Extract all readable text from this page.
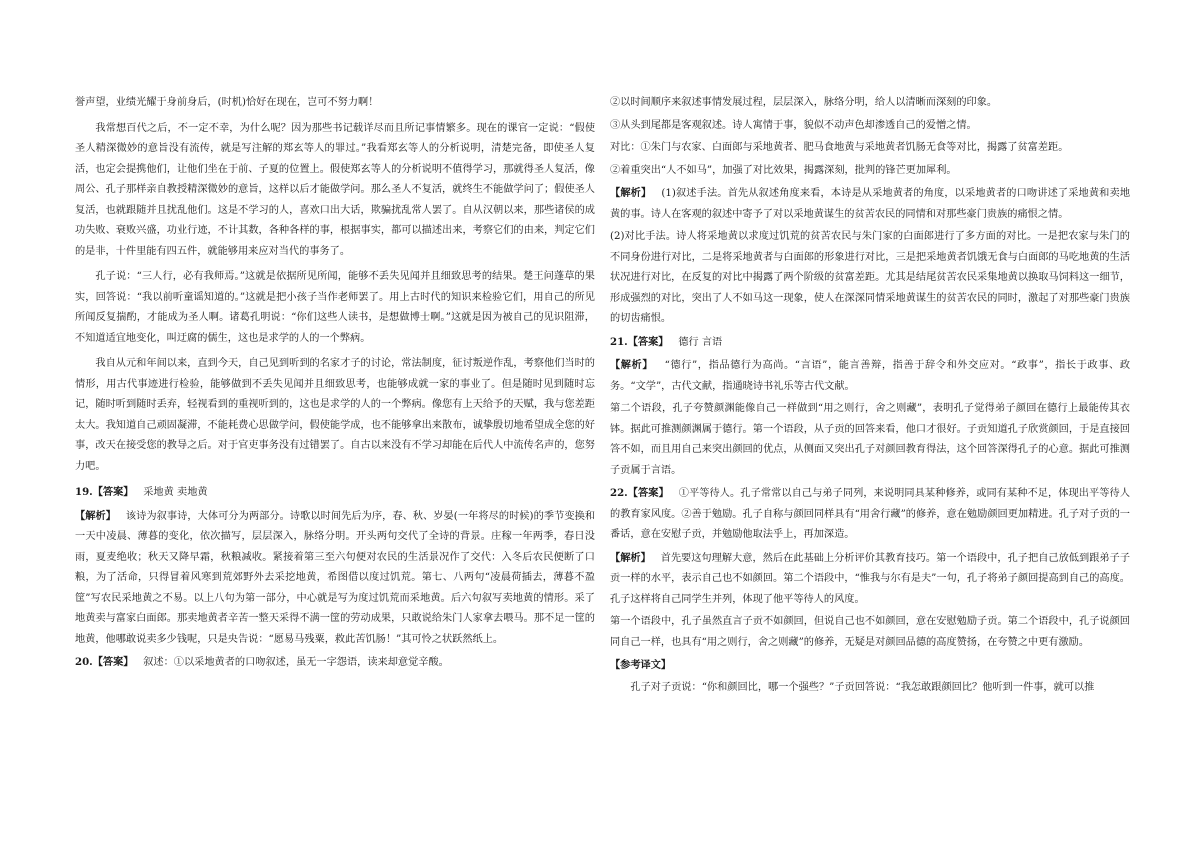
誉声望，业绩光耀于身前身后，(时机)恰好在现在，岂可不努力啊！

我常想百代之后，不一定不幸，为什么呢？因为那些书记载详尽而且所记事情繁多。现在的课官一定说：“假使圣人精深微妙的意旨没有流传，就是写注解的郑玄等人的罪过。”我看郑玄等人的分析说明，清楚完备，即使圣人复活，也定会提携他们，让他们坐在于前、子夏的位置上。假使郑玄等人的分析说明不值得学习，那就得圣人复活，像周公、孔子那样亲自教授精深微妙的意旨，这样以后才能做学问。那么圣人不复活，就终生不能做学问了；假使圣人复活，也就跟随并且扰乱他们。这是不学习的人，喜欢口出大话，欺骗扰乱常人罢了。自从汉朝以来，那些诸侯的成功失败、衰败兴盛，功业行迹，不计其数，各种各样的事，根据事实，都可以描述出来，考察它们的由来，判定它们的是非，十件里能有四五件，就能够用来应对当代的事务了。

孔子说：“三人行，必有我师焉。”这就是依据所见所闻，能够不丢失见闻并且细致思考的结果。楚王问蓬草的果实，回答说：“我以前听童谣知道的。”这就是把小孩子当作老师罢了。用上古时代的知识来检验它们，用自己的所见所闻反复揣酌，才能成为圣人啊。诸葛孔明说：“你们这些人读书，是想做博士啊。”这就是因为被自己的见识阻滞，不知道适宜地变化，叫迂腐的儒生，这也是求学的人的一个弊病。

我自从元和年间以来，直到今天，自己见到听到的名家才子的讨论，常法制度，征讨叛逆作乱，考察他们当时的情形，用古代事迹进行检验，能够做到不丢失见闻并且细致思考，也能够成就一家的事业了。但是随时见到随时忘记，随时听到随时丢弃，轻视看到的重视听到的，这也是求学的人的一个弊病。像您有上天给予的天赋，我与您差距太大。我知道自己顽固凝滞，不能耗费心思做学问，假使能学成，也不能够拿出来散布，诚挚殷切地希望成全您的好事，改天在接受您的教导之后。对于官吏事务没有过错罢了。自古以来没有不学习却能在后代人中流传名声的，您努力吧。

19.【答案】 采地黄 卖地黄

【解析】 该诗为叙事诗，大体可分为两部分。诗歌以时间先后为序，春、秋、岁晏(一年将尽的时候)的季节变换和一天中凌晨、薄暮的变化，依次描写，层层深入，脉络分明。开头两句交代了全诗的背景。庄稼一年两季，春日没雨，夏麦绝收；秋天又降早霜，秋粮减收。紧接着第三至六句便对农民的生活景况作了交代：入冬后农民便断了口粮，为了活命，只得冒着风寒到荒郊野外去采挖地黄，希图借以度过饥荒。第七、八两句“凌晨荷插去，薄暮不盈筐”写农民采地黄之不易。以上八句为第一部分，中心就是写为度过饥荒而采地黄。后六句叙写卖地黄的情形。采了地黄卖与富家白面郎。那卖地黄者辛苦一整天采得不满一筐的劳动成果，只敢说给朱门人家拿去喂马。那不足一筐的地黄，他哪敢说卖多少钱呢，只是央告说：“愿易马残粟，救此苦饥肠！”其可怜之状跃然纸上。

20.【答案】 叙述：①以采地黄者的口吻叙述，虽无一字怨语，读来却意觉辛酸。

②以时间顺序来叙述事情发展过程，层层深入，脉络分明，给人以清晰而深刻的印象。

③从头到尾都是客观叙述。诗人寓情于事，貌似不动声色却渗透自己的爱憎之情。

对比：①朱门与农家、白面郎与采地黄者、肥马食地黄与采地黄者饥肠无食等对比，揭露了贫富差距。

②着重突出“人不如马”，加强了对比效果，揭露深刻，批判的锋芒更加犀利。

【解析】 (1)叙述手法。首先从叙述角度来看，本诗是从采地黄者的角度，以采地黄者的口吻讲述了采地黄和卖地黄的事。诗人在客观的叙述中寄予了对以采地黄谋生的贫苦农民的同情和对那些豪门贵族的痛恨之情。

(2)对比手法。诗人将采地黄以求度过饥荒的贫苦农民与朱门家的白面郎进行了多方面的对比。一是把农家与朱门的不同身份进行对比，二是将采地黄者与白面郎的形象进行对比，三是把采地黄者饥饿无食与白面郎的马吃地黄的生活状况进行对比，在反复的对比中揭露了两个阶级的贫富差距。尤其是结尾贫苦农民采集地黄以换取马饲料这一细节，形成强烈的对比，突出了人不如马这一现象，使人在深深同情采地黄谋生的贫苦农民的同时，激起了对那些豪门贵族的切齿痛恨。

21.【答案】 德行 言语

【解析】 “德行”，指品德行为高尚。“言语”，能言善辩，指善于辞令和外交应对。“政事”，指长于政事、政务。“文学”，古代文献，指通晓诗书礼乐等古代文献。

第二个语段，孔子夸赞颜渊能像自己一样做到“用之则行，舍之则藏”，表明孔子觉得弟子颜回在德行上最能传其衣钵。据此可推测颜渊属于德行。第一个语段，从子贡的回答来看，他口才很好。子贡知道孔子欣赏颜回，于是直接回答不如，而且用自己来突出颜回的优点，从侧面又突出孔子对颜回教育得法，这个回答深得孔子的心意。据此可推测子贡属于言语。

22.【答案】 ①平等待人。孔子常常以自己与弟子同列，来说明同具某种修养，或同有某种不足，体现出平等待人的教育家风度。②善于勉励。孔子自称与颜回同样具有“用舍行藏”的修养，意在勉励颜回更加精进。孔子对子贡的一番话，意在安慰子贡，并勉励他取法乎上，再加深造。

【解析】 首先要这句理解大意，然后在此基础上分析评价其教育技巧。第一个语段中，孔子把自己放低到跟弟子子贡一样的水平，表示自己也不如颜回。第二个语段中，“惟我与尔有是夫”一句，孔子将弟子颜回提高到自己的高度。孔子这样将自己同学生并列，体现了他平等待人的风度。

第一个语段中，孔子虽然直言子贡不如颜回，但说自己也不如颜回，意在安慰勉励子贡。第二个语段中，孔子说颜回同自己一样，也具有“用之则行，舍之则藏”的修养，无疑是对颜回品德的高度赞扬，在夸赞之中更有激励。

【参考译文】

孔子对子贡说：“你和颜回比，哪一个强些？”子贡回答说：“我怎敢跟颜回比？他听到一件事，就可以推
